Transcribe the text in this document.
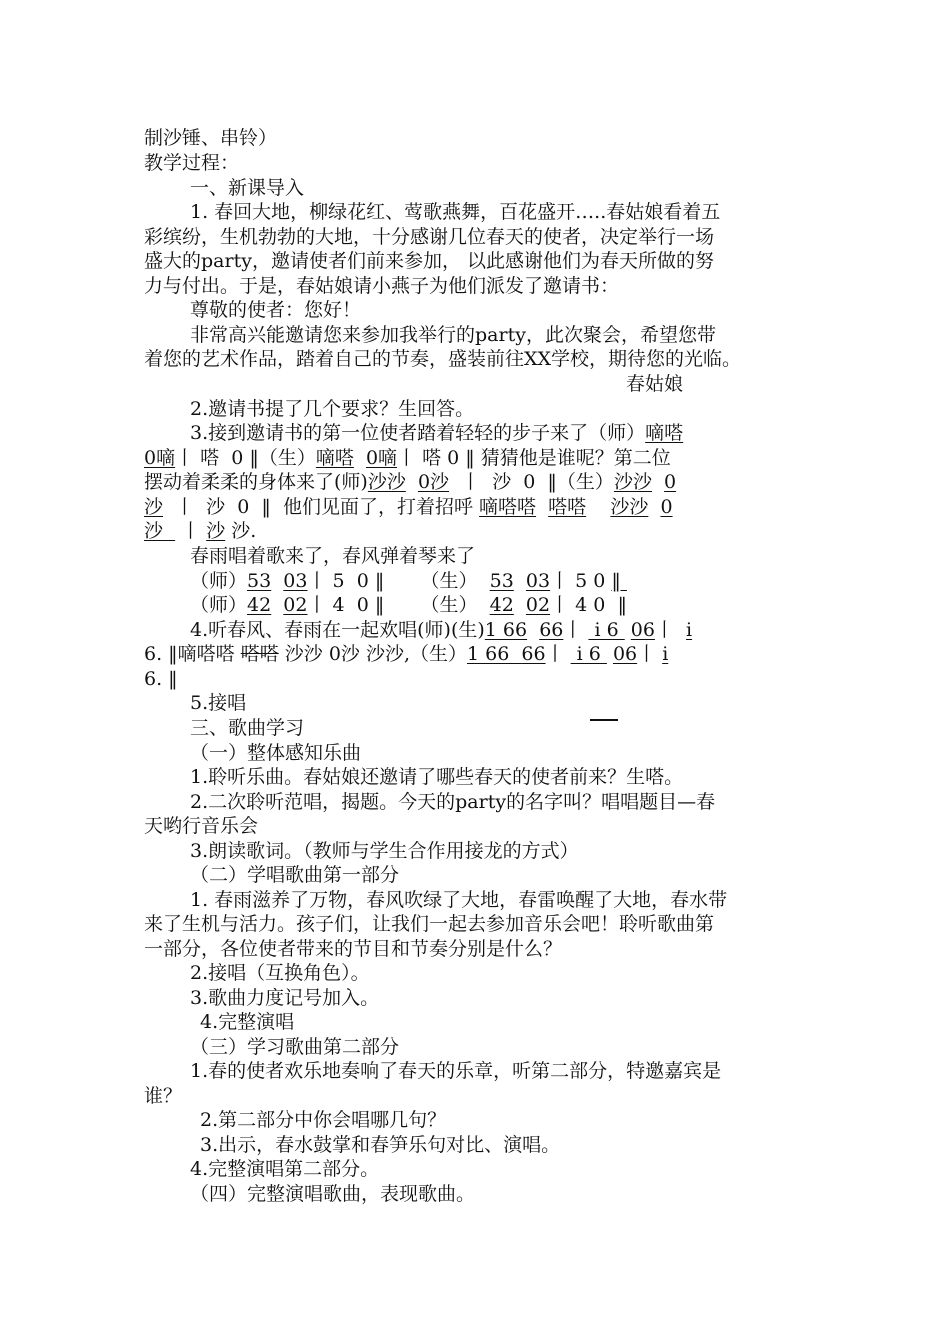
制沙锤、串铃）
教学过程：
一、新课导入
1. 春回大地，柳绿花红、莺歌燕舞，百花盛开…..春姑娘看着五
彩缤纷，生机勃勃的大地，十分感谢几位春天的使者，决定举行一场
盛大的party，邀请使者们前来参加， 以此感谢他们为春天所做的努
力与付出。于是，春姑娘请小燕子为他们派发了邀请书：
尊敬的使者：您好！
非常高兴能邀请您来参加我举行的party，此次聚会，希望您带
着您的艺术作品，踏着自己的节奏，盛装前往XX学校，期待您的光临。
春姑娘
2.邀请书提了几个要求？生回答。
3.接到邀请书的第一位使者踏着轻轻的步子来了（师）嘀嗒
0嘀丨 嗒  0 ‖（生）嘀嗒 0嘀丨 嗒 0 ‖ 猜猜他是谁呢？第二位
摆动着柔柔的身体来了(师)沙沙 0沙  丨  沙  0  ‖（生）沙沙 0
沙  丨  沙  0  ‖  他们见面了，打着招呼 嘀嗒嗒 嗒嗒 沙沙 0
沙   丨 沙 沙.
春雨唱着歌来了，春风弹着琴来了
（师）53 03丨 5  0 ‖      （生）  53 03丨 5 0 ‖
（师）42 02丨 4  0 ‖      （生）  42 02丨 4 0  ‖
4.听春风、春雨在一起欢唱(师)(生)1 66 66丨  i 6  06丨  i
6. ‖嘀嗒嗒 嗒嗒 沙沙 0沙 沙沙,（生）1 66  66丨  i 6  06丨 i
6. ‖
5.接唱
三、歌曲学习
（一）整体感知乐曲
1.聆听乐曲。春姑娘还邀请了哪些春天的使者前来？生嗒。
2.二次聆听范唱，揭题。今天的party的名字叫？唱唱题目—春
天哟行音乐会
3.朗读歌词。（教师与学生合作用接龙的方式）
（二）学唱歌曲第一部分
1. 春雨滋养了万物，春风吹绿了大地，春雷唤醒了大地，春水带
来了生机与活力。孩子们，让我们一起去参加音乐会吧！聆听歌曲第
一部分，各位使者带来的节目和节奏分别是什么？
2.接唱（互换角色）。
3.歌曲力度记号加入。
4.完整演唱
（三）学习歌曲第二部分
1.春的使者欢乐地奏响了春天的乐章，听第二部分，特邀嘉宾是
谁？
2.第二部分中你会唱哪几句？
3.出示，春水鼓掌和春笋乐句对比、演唱。
4.完整演唱第二部分。
（四）完整演唱歌曲，表现歌曲。
